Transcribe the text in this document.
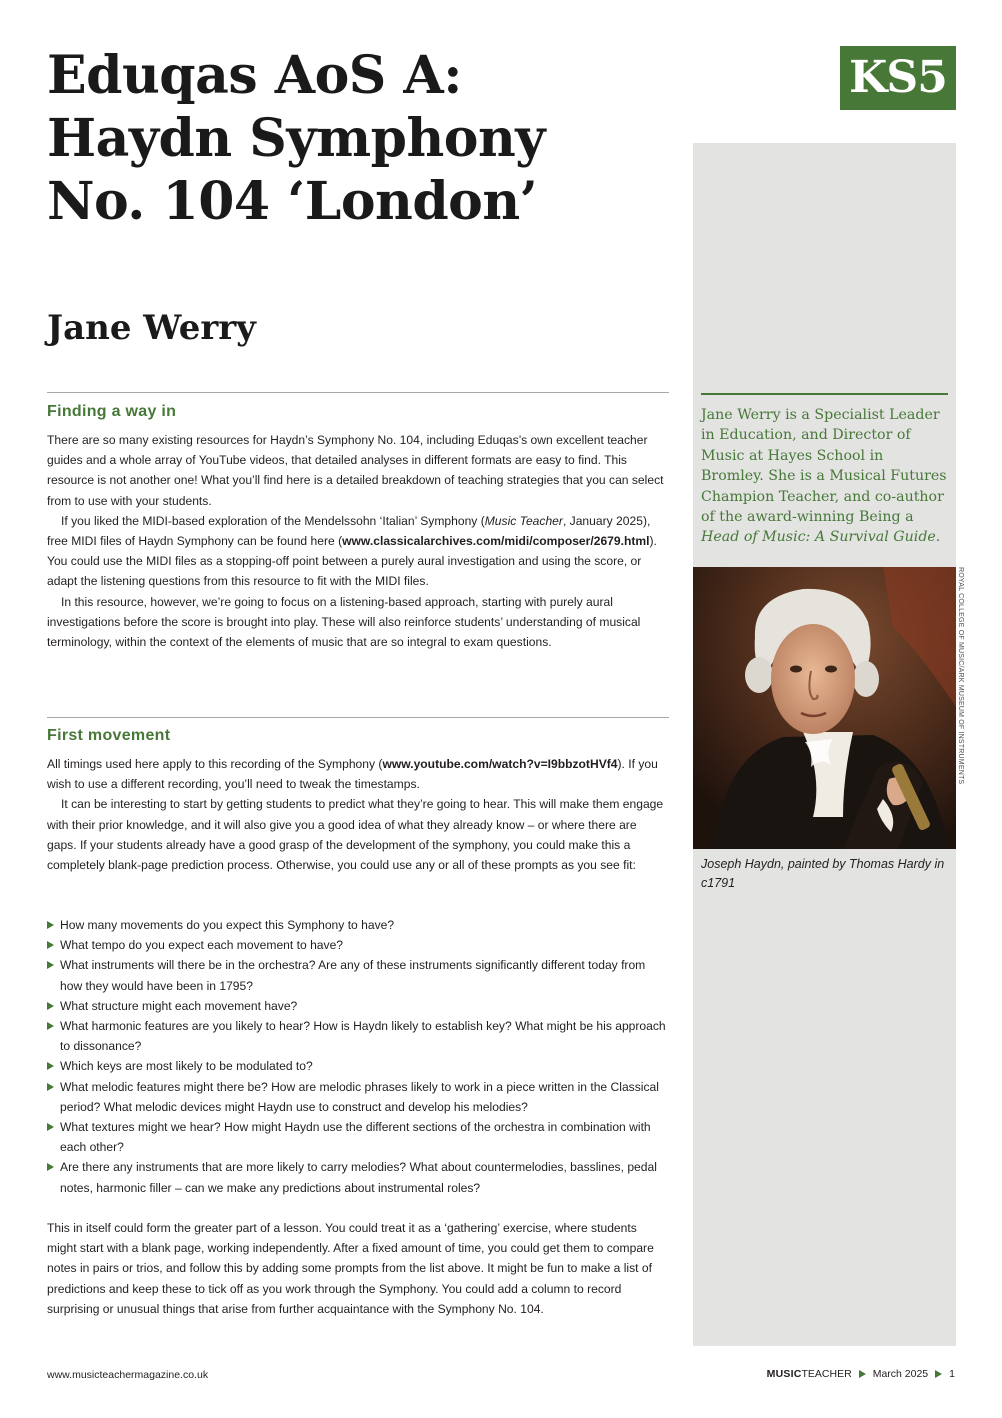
Eduqas AoS A:
Haydn Symphony
No. 104 ‘London’
Jane Werry
KS5
Jane Werry is a Specialist Leader in Education, and Director of Music at Hayes School in Bromley. She is a Musical Futures Champion Teacher, and co-author of the award-winning Being a Head of Music: A Survival Guide.
ROYAL COLLEGE OF MUSIC/ARK MUSEUM OF INSTRUMENTS
Joseph Haydn, painted by Thomas Hardy in c1791
Finding a way in

There are so many existing resources for Haydn’s Symphony No. 104, including Eduqas’s own excellent teacher guides and a whole array of YouTube videos, that detailed analyses in different formats are easy to find. This resource is not another one! What you’ll find here is a detailed breakdown of teaching strategies that you can select from to use with your students.

If you liked the MIDI-based exploration of the Mendelssohn ‘Italian’ Symphony (Music Teacher, January 2025), free MIDI files of Haydn Symphony can be found here (www.classicalarchives.com/midi/composer/2679.html). You could use the MIDI files as a stopping-off point between a purely aural investigation and using the score, or adapt the listening questions from this resource to fit with the MIDI files.

In this resource, however, we’re going to focus on a listening-based approach, starting with purely aural investigations before the score is brought into play. These will also reinforce students’ understanding of musical terminology, within the context of the elements of music that are so integral to exam questions.

First movement

All timings used here apply to this recording of the Symphony (www.youtube.com/watch?v=I9bbzotHVf4). If you wish to use a different recording, you’ll need to tweak the timestamps.

It can be interesting to start by getting students to predict what they’re going to hear. This will make them engage with their prior knowledge, and it will also give you a good idea of what they already know – or where there are gaps. If your students already have a good grasp of the development of the symphony, you could make this a completely blank-page prediction process. Otherwise, you could use any or all of these prompts as you see fit:

How many movements do you expect this Symphony to have?
What tempo do you expect each movement to have?
What instruments will there be in the orchestra? Are any of these instruments significantly different today from how they would have been in 1795?
What structure might each movement have?
What harmonic features are you likely to hear? How is Haydn likely to establish key? What might be his approach to dissonance?
Which keys are most likely to be modulated to?
What melodic features might there be? How are melodic phrases likely to work in a piece written in the Classical period? What melodic devices might Haydn use to construct and develop his melodies?
What textures might we hear? How might Haydn use the different sections of the orchestra in combination with each other?
Are there any instruments that are more likely to carry melodies? What about countermelodies, basslines, pedal notes, harmonic filler – can we make any predictions about instrumental roles?

This in itself could form the greater part of a lesson. You could treat it as a ‘gathering’ exercise, where students might start with a blank page, working independently. After a fixed amount of time, you could get them to compare notes in pairs or trios, and follow this by adding some prompts from the list above. It might be fun to make a list of predictions and keep these to tick off as you work through the Symphony. You could add a column to record surprising or unusual things that arise from further acquaintance with the Symphony No. 104.

www.musicteachermagazine.co.uk	MUSICTEACHER March 2025 1
